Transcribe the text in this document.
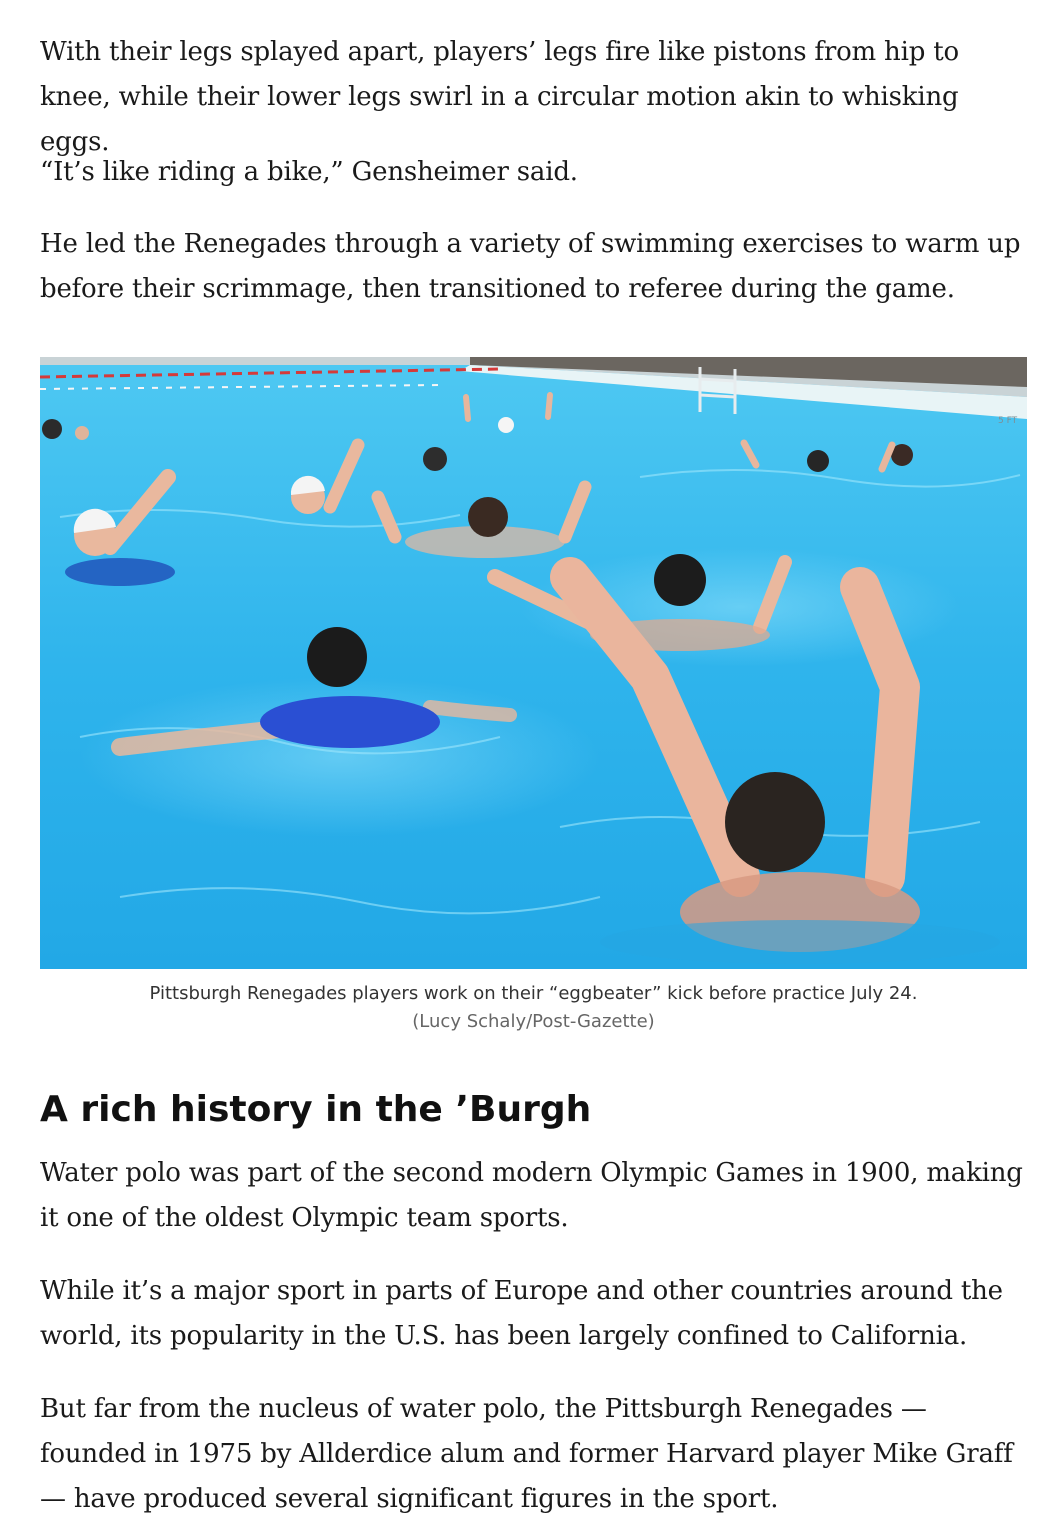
With their legs splayed apart, players’ legs fire like pistons from hip to knee, while their lower legs swirl in a circular motion akin to whisking eggs.

“It’s like riding a bike,” Gensheimer said.

He led the Renegades through a variety of swimming exercises to warm up before their scrimmage, then transitioned to referee during the game.

5 FT
Pittsburgh Renegades players work on their “eggbeater” kick before practice July 24.
(Lucy Schaly/Post-Gazette)
A rich history in the ’Burgh

Water polo was part of the second modern Olympic Games in 1900, making it one of the oldest Olympic team sports.

While it’s a major sport in parts of Europe and other countries around the world, its popularity in the U.S. has been largely confined to California.

But far from the nucleus of water polo, the Pittsburgh Renegades — founded in 1975 by Allderdice alum and former Harvard player Mike Graff — have produced several significant figures in the sport.
